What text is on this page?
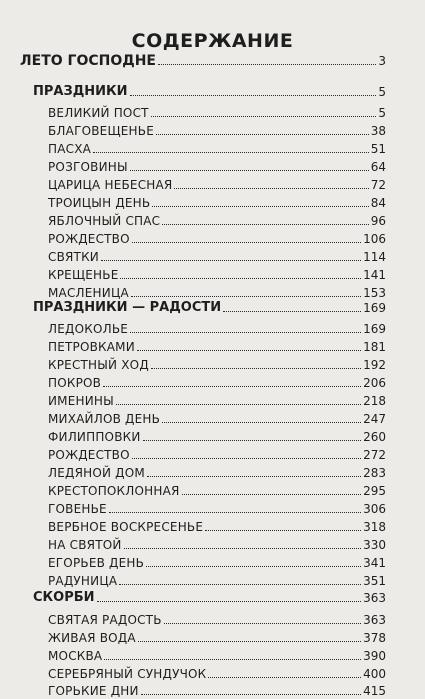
СОДЕРЖАНИЕ
ЛЕТО ГОСПОДНЕ	3
ПРАЗДНИКИ	5
ВЕЛИКИЙ ПОСТ	5
БЛАГОВЕЩЕНЬЕ	38
ПАСХА	51
РОЗГОВИНЫ	64
ЦАРИЦА НЕБЕСНАЯ	72
ТРОИЦЫН ДЕНЬ	84
ЯБЛОЧНЫЙ СПАС	96
РОЖДЕСТВО	106
СВЯТКИ	114
КРЕЩЕНЬЕ	141
МАСЛЕНИЦА	153
ПРАЗДНИКИ — РАДОСТИ	169
ЛЕДОКОЛЬЕ	169
ПЕТРОВКАМИ	181
КРЕСТНЫЙ ХОД	192
ПОКРОВ	206
ИМЕНИНЫ	218
МИХАЙЛОВ ДЕНЬ	247
ФИЛИППОВКИ	260
РОЖДЕСТВО	272
ЛЕДЯНОЙ ДОМ	283
КРЕСТОПОКЛОННАЯ	295
ГОВЕНЬЕ	306
ВЕРБНОЕ ВОСКРЕСЕНЬЕ	318
НА СВЯТОЙ	330
ЕГОРЬЕВ ДЕНЬ	341
РАДУНИЦА	351
СКОРБИ	363
СВЯТАЯ РАДОСТЬ	363
ЖИВАЯ ВОДА	378
МОСКВА	390
СЕРЕБРЯНЫЙ СУНДУЧОК	400
ГОРЬКИЕ ДНИ	415
